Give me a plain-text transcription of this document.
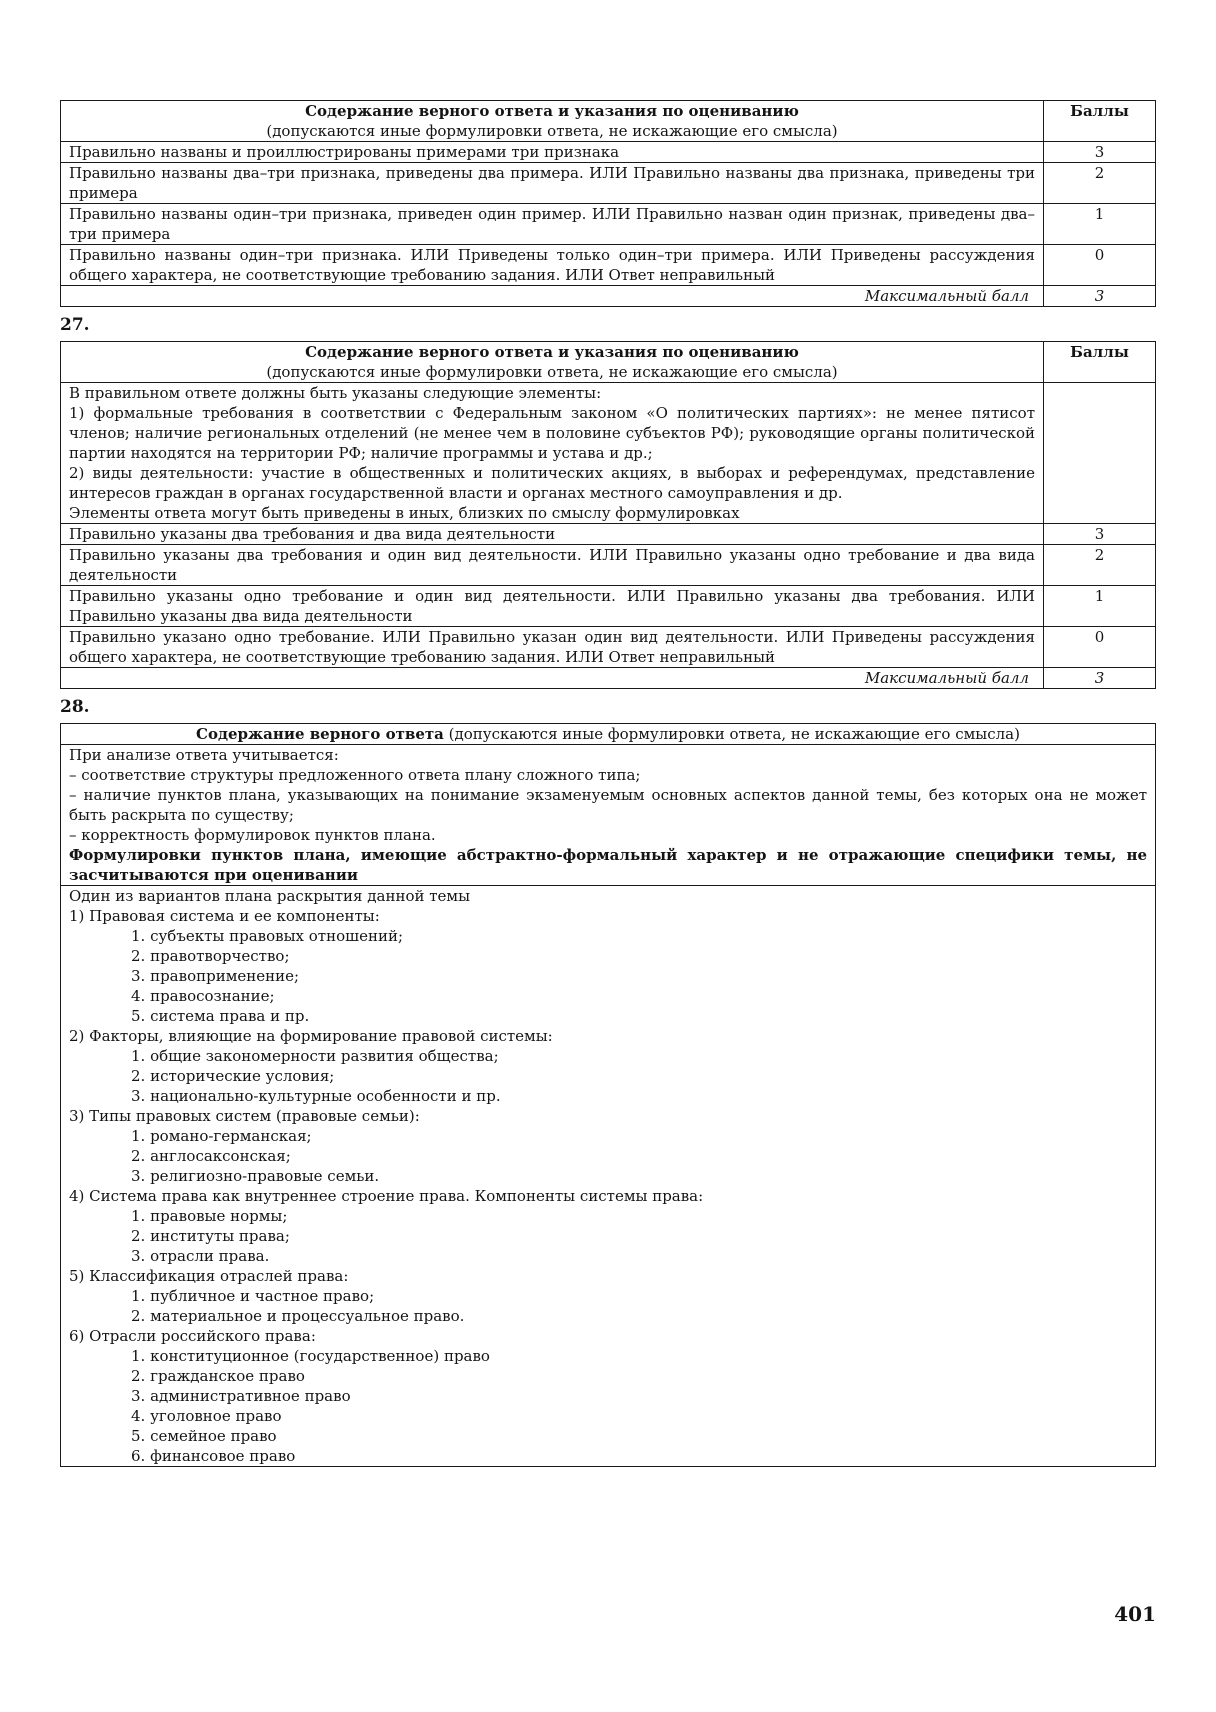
Содержание верного ответа и указания по оцениванию
(допускаются иные формулировки ответа, не искажающие его смысла)	Баллы
Правильно названы и проиллюстрированы примерами три признака	3
Правильно названы два–три признака, приведены два примера. ИЛИ Правильно названы два признака, приведены три примера	2
Правильно названы один–три признака, приведен один пример. ИЛИ Правильно назван один признак, приведены два–три примера	1
Правильно названы один–три признака. ИЛИ Приведены только один–три примера. ИЛИ Приведены рассуждения общего характера, не соответствующие требованию задания. ИЛИ Ответ неправильный	0
Максимальный балл	3
27.
Содержание верного ответа и указания по оцениванию
(допускаются иные формулировки ответа, не искажающие его смысла)	Баллы

В правильном ответе должны быть указаны следующие элементы:
1) формальные требования в соответствии с Федеральным законом «О политических партиях»: не менее пятисот членов; наличие региональных отделений (не менее чем в половине субъектов РФ); руководящие органы политической партии находятся на территории РФ; наличие программы и устава и др.;
2) виды деятельности: участие в общественных и политических акциях, в выборах и референдумах, представление интересов граждан в органах государственной власти и органах местного самоуправления и др.
Элементы ответа могут быть приведены в иных, близких по смыслу формулировках	

Правильно указаны два требования и два вида деятельности	3
Правильно указаны два требования и один вид деятельности. ИЛИ Правильно указаны одно требование и два вида деятельности	2
Правильно указаны одно требование и один вид деятельности. ИЛИ Правильно указаны два требования. ИЛИ Правильно указаны два вида деятельности	1
Правильно указано одно требование. ИЛИ Правильно указан один вид деятельности. ИЛИ Приведены рассуждения общего характера, не соответствующие требованию задания. ИЛИ Ответ неправильный	0
Максимальный балл	3
28.
Содержание верного ответа (допускаются иные формулировки ответа, не искажающие его смысла)

При анализе ответа учитывается:
– соответствие структуры предложенного ответа плану сложного типа;
– наличие пунктов плана, указывающих на понимание экзаменуемым основных аспектов данной темы, без которых она не может быть раскрыта по существу;
– корректность формулировок пунктов плана.
Формулировки пунктов плана, имеющие абстрактно-формальный характер и не отражающие специфики темы, не засчитываются при оценивании

Один из вариантов плана раскрытия данной темы
1) Правовая система и ее компоненты:
1. субъекты правовых отношений;
2. правотворчество;
3. правоприменение;
4. правосознание;
5. система права и пр.
2) Факторы, влияющие на формирование правовой системы:
1. общие закономерности развития общества;
2. исторические условия;
3. национально-культурные особенности и пр.
3) Типы правовых систем (правовые семьи):
1. романо-германская;
2. англосаксонская;
3. религиозно-правовые семьи.
4) Система права как внутреннее строение права. Компоненты системы права:
1. правовые нормы;
2. институты права;
3. отрасли права.
5) Классификация отраслей права:
1. публичное и частное право;
2. материальное и процессуальное право.
6) Отрасли российского права:
1. конституционное (государственное) право
2. гражданское право
3. административное право
4. уголовное право
5. семейное право
6. финансовое право
401
